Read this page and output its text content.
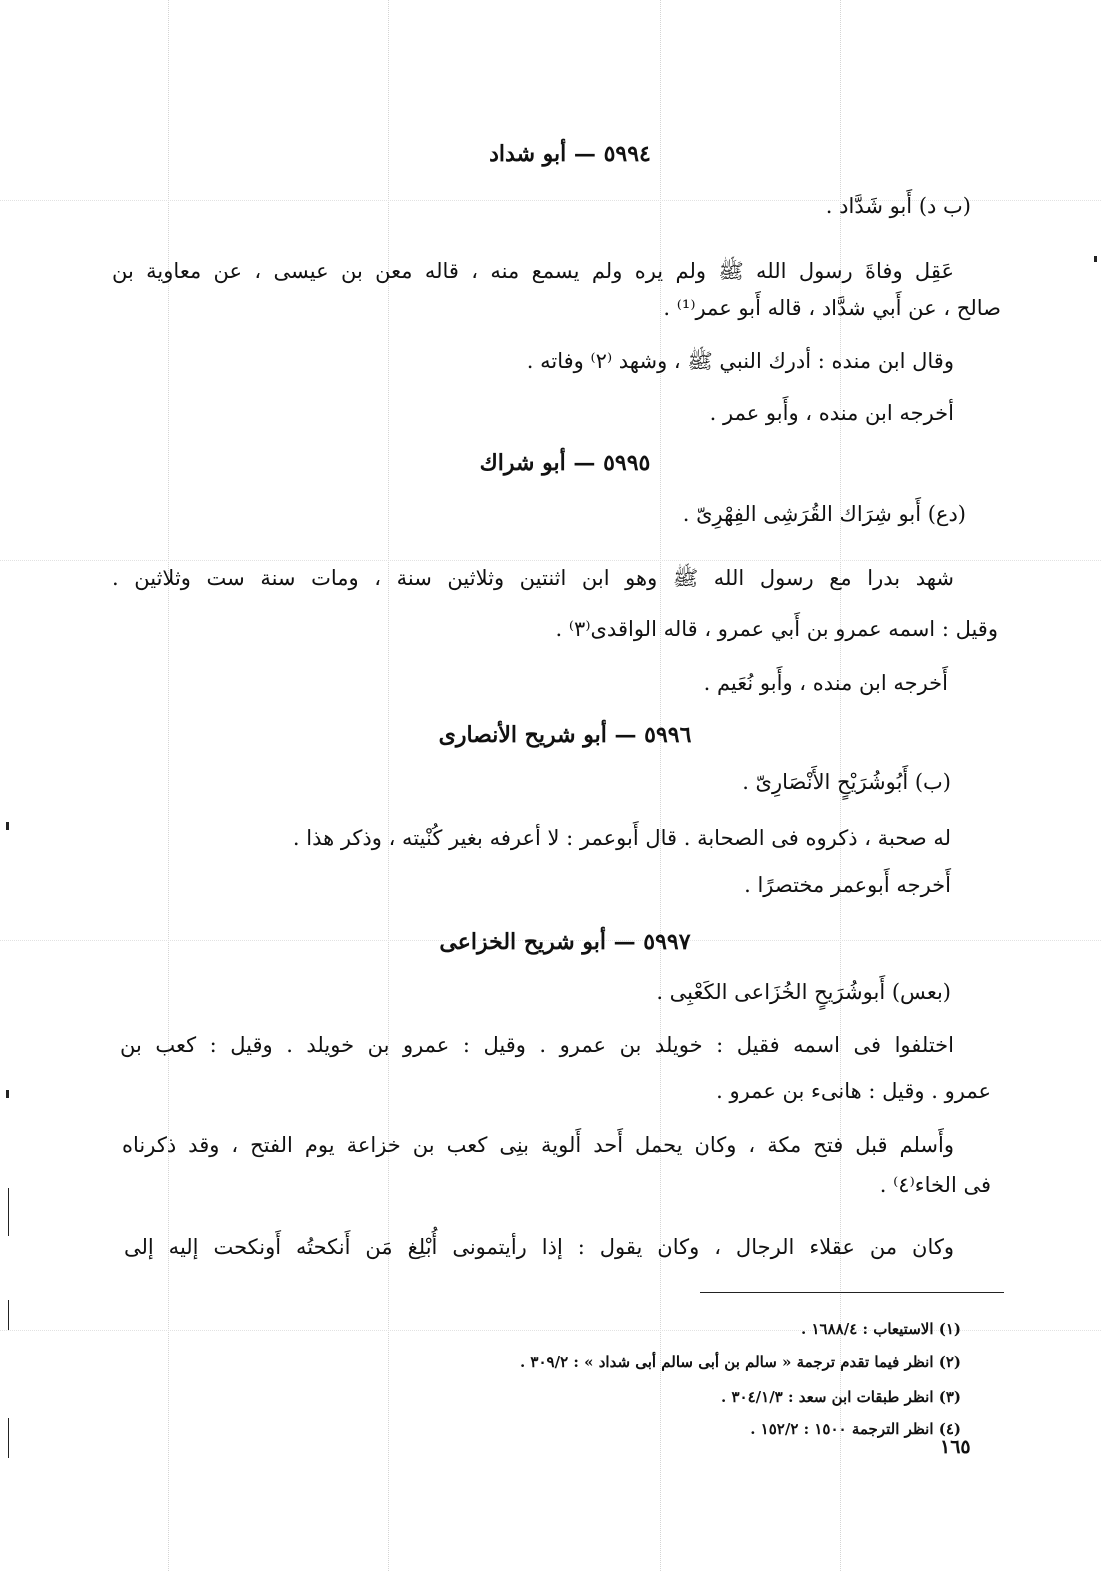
٥٩٩٤ — أبو شداد
(ب د) أَبو شَدَّاد .
عَقِل وفاةَ رسول الله ﷺ ولم يره ولم يسمع منه ، قاله معن بن عيسى ، عن معاوية بن
صالح ، عن أَبي شدَّاد ، قاله أَبو عمر⁽¹⁾ .
وقال ابن منده : أدرك النبي ﷺ ، وشهد ⁽٢⁾ وفاته .
أخرجه ابن منده ، وأَبو عمر .
٥٩٩٥ — أبو شراك
(دع) أَبو شِرَاك القُرَشِى الفِهْرِىّ .
شهد بدرا مع رسول الله ﷺ وهو ابن اثنتين وثلاثين سنة ، ومات سنة ست وثلاثين .
وقيل : اسمه عمرو بن أَبي عمرو ، قاله الواقدى⁽٣⁾ .
أَخرجه ابن منده ، وأَبو نُعَيم .
٥٩٩٦ — أبو شريح الأنصارى
(ب) أَبُوشُرَيْحٍ الأَنْصَارِىّ .
له صحبة ، ذكروه فى الصحابة . قال أَبوعمر : لا أعرفه بغير كُنْيته ، وذكر هذا .
أَخرجه أَبوعمر مختصرًا .
٥٩٩٧ — أبو شريح الخزاعى
(بعس) أَبوشُرَيحٍ الخُزَاعى الكَعْبِى .
اختلفوا فى اسمه فقيل : خويلد بن عمرو . وقيل : عمرو بن خويلد . وقيل : كعب بن
عمرو . وقيل : هانىء بن عمرو .
وأَسلم قبل فتح مكة ، وكان يحمل أَحد أَلوية بنِى كعب بن خزاعة يوم الفتح ، وقد ذكرناه
فى الخاء⁽٤⁾ .
وكان من عقلاء الرجال ، وكان يقول : إذا رأيتمونى أُبْلِغ مَن أَنكحتُه أَونكحت إليه إلى
(١) الاستيعاب : ١٦٨٨/٤ .
(٢) انظر فيما تقدم ترجمة « سالم بن أبى سالم أبى شداد » : ٣٠٩/٢ .
(٣) انظر طبقات ابن سعد : ٣٠٤/١/٣ .
(٤) انظر الترجمة ١٥٠٠ : ١٥٢/٢ .
١٦٥
